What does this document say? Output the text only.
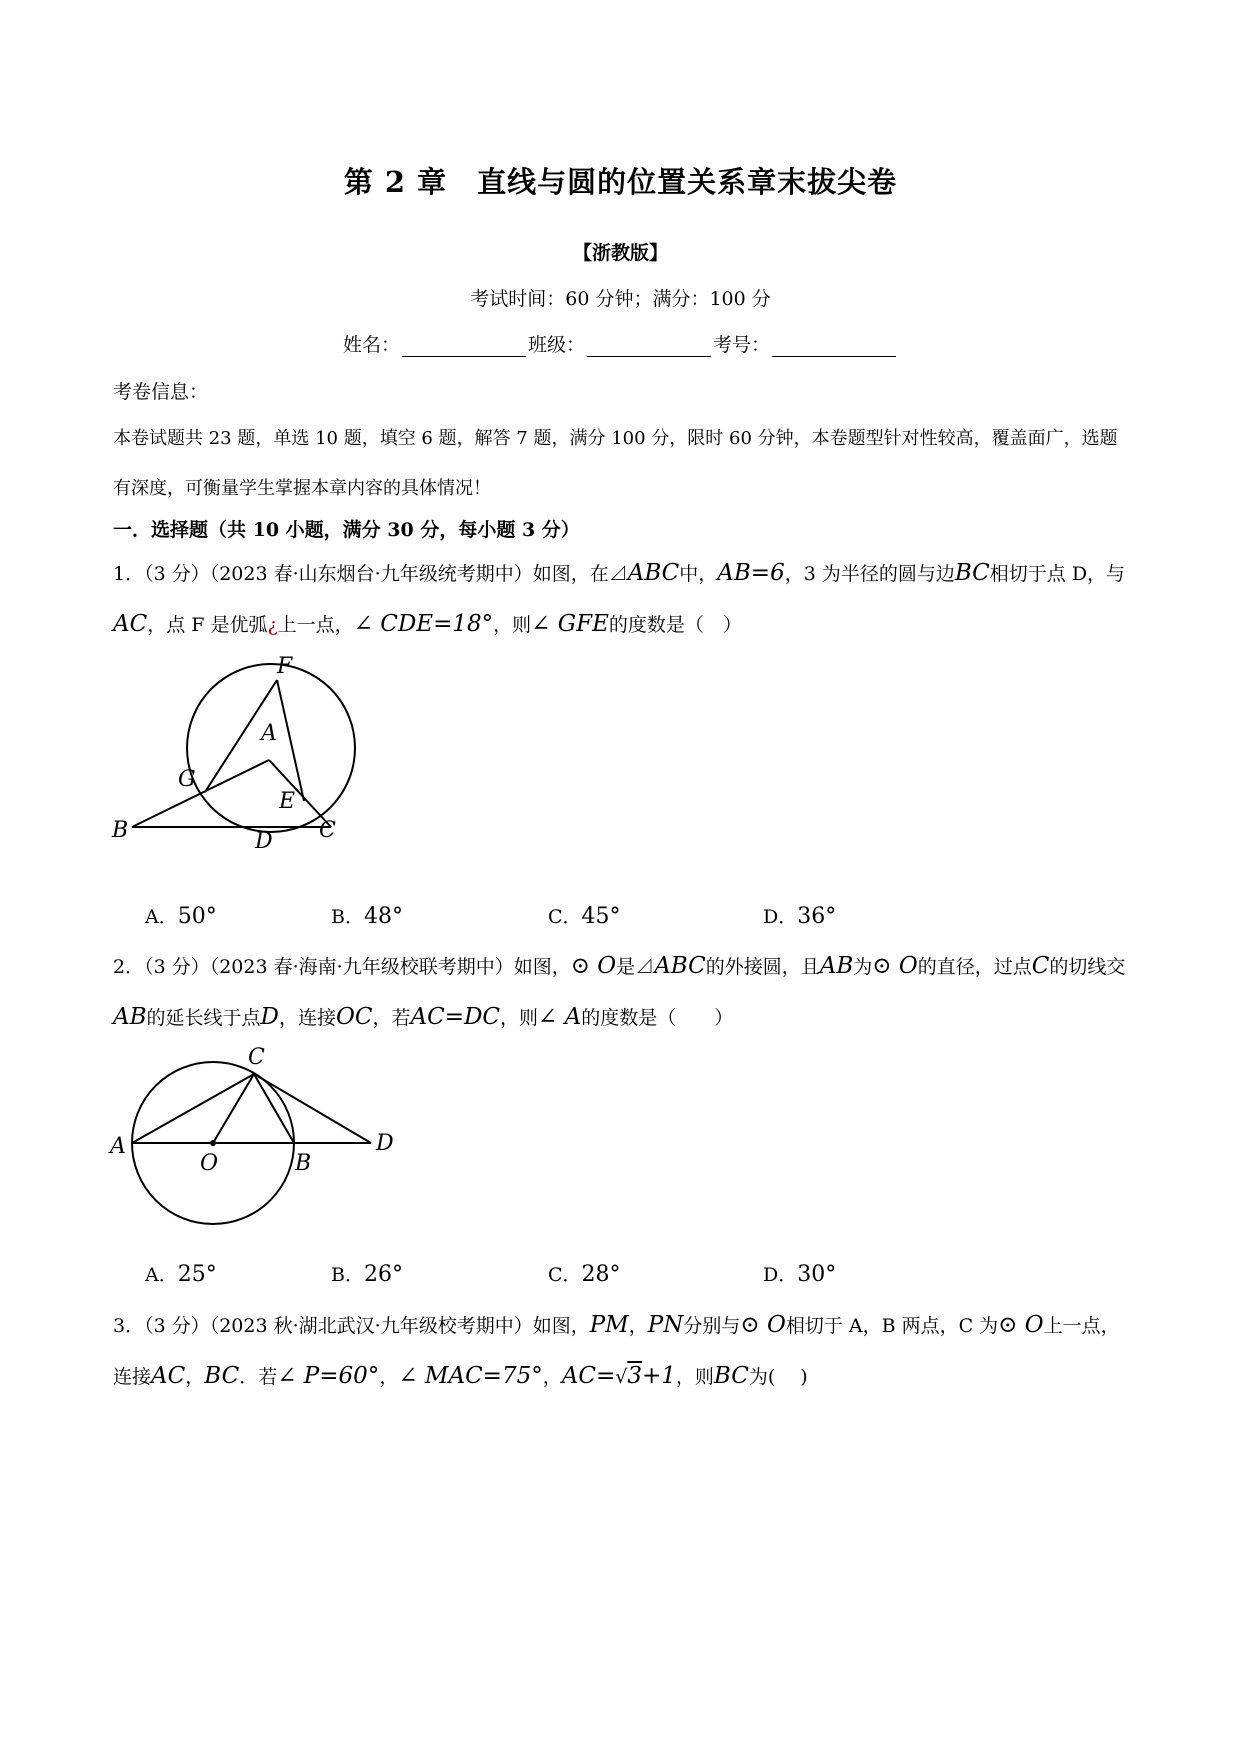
第 2 章　直线与圆的位置关系章末拔尖卷
【浙教版】
考试时间：60 分钟；满分：100 分
姓名：	班级：	考号：
考卷信息：
本卷试题共 23 题，单选 10 题，填空 6 题，解答 7 题，满分 100 分，限时 60 分钟，本卷题型针对性较高，覆盖面广，选题有深度，可衡量学生掌握本章内容的具体情况！
一．选择题（共 10 小题，满分 30 分，每小题 3 分）
1．（3 分）（2023 春·山东烟台·九年级统考期中）如图，在⊿ABC中，AB=6，3 为半径的圆与边BC相切于点 D，与AC，点 F 是优弧¿上一点，∠ CDE=18°，则∠ GFE的度数是（　）
F
A
G
E
B	D C
A．50°	B．48°	C．45°	D．36°
2．（3 分）（2023 春·海南·九年级校联考期中）如图，⊙ O是⊿ABC的外接圆，且AB为⊙ O的直径，过点C的切线交AB的延长线于点D，连接OC，若AC=DC，则∠ A的度数是（　　）
C
A
O	B
D
A．25°	B．26°	C．28°	D．30°
3．（3 分）（2023 秋·湖北武汉·九年级校考期中）如图，PM，PN分别与⊙ O相切于 A，B 两点，C 为⊙ O上一点，连接AC，BC．若∠ P=60°，∠ MAC=75°，AC=√3+1，则BC为(　 )
